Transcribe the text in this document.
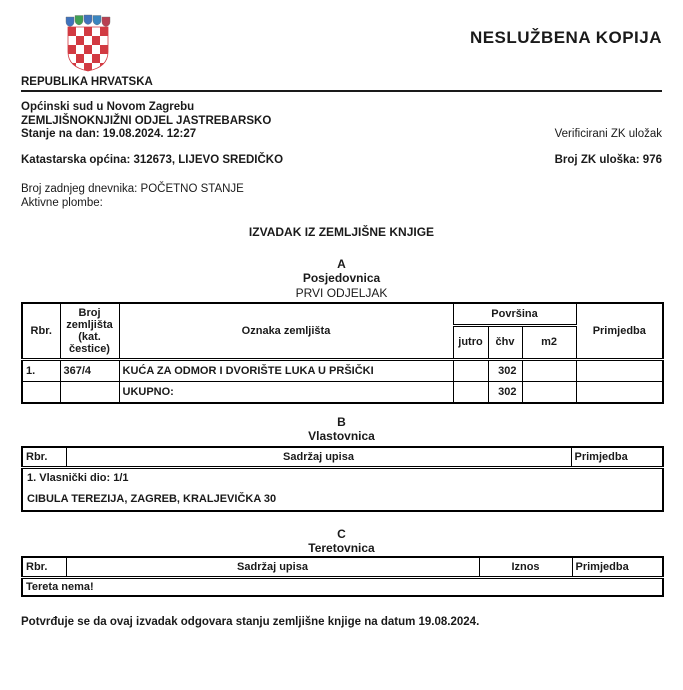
NESLUŽBENA KOPIJA
REPUBLIKA HRVATSKA
Općinski sud u Novom Zagrebu
ZEMLJIŠNOKNJIŽNI ODJEL JASTREBARSKO
Stanje na dan: 19.08.2024. 12:27	Verificirani ZK uložak
Katastarska općina: 312673, LIJEVO SREDIČKO	Broj ZK uloška: 976
Broj zadnjeg dnevnika: POČETNO STANJE
Aktivne plombe:
IZVADAK IZ ZEMLJIŠNE KNJIGE
A
Posjedovnica
PRVI ODJELJAK
Rbr.	Broj zemljišta (kat. čestice)	Oznaka zemljišta	Površina			Primjedba
			jutro	čhv	m2	
1.	367/4	KUĆA ZA ODMOR I DVORIŠTE LUKA U PRŠIČKI		302		
		UKUPNO:		302		
B
Vlastovnica
Rbr.	Sadržaj upisa	Primjedba

1. Vlasnički dio: 1/1
CIBULA TEREZIJA, ZAGREB, KRALJEVIČKA 30
C
Teretovnica
Rbr.	Sadržaj upisa	Iznos	Primjedba
Tereta nema!
Potvrđuje se da ovaj izvadak odgovara stanju zemljišne knjige na datum 19.08.2024.
